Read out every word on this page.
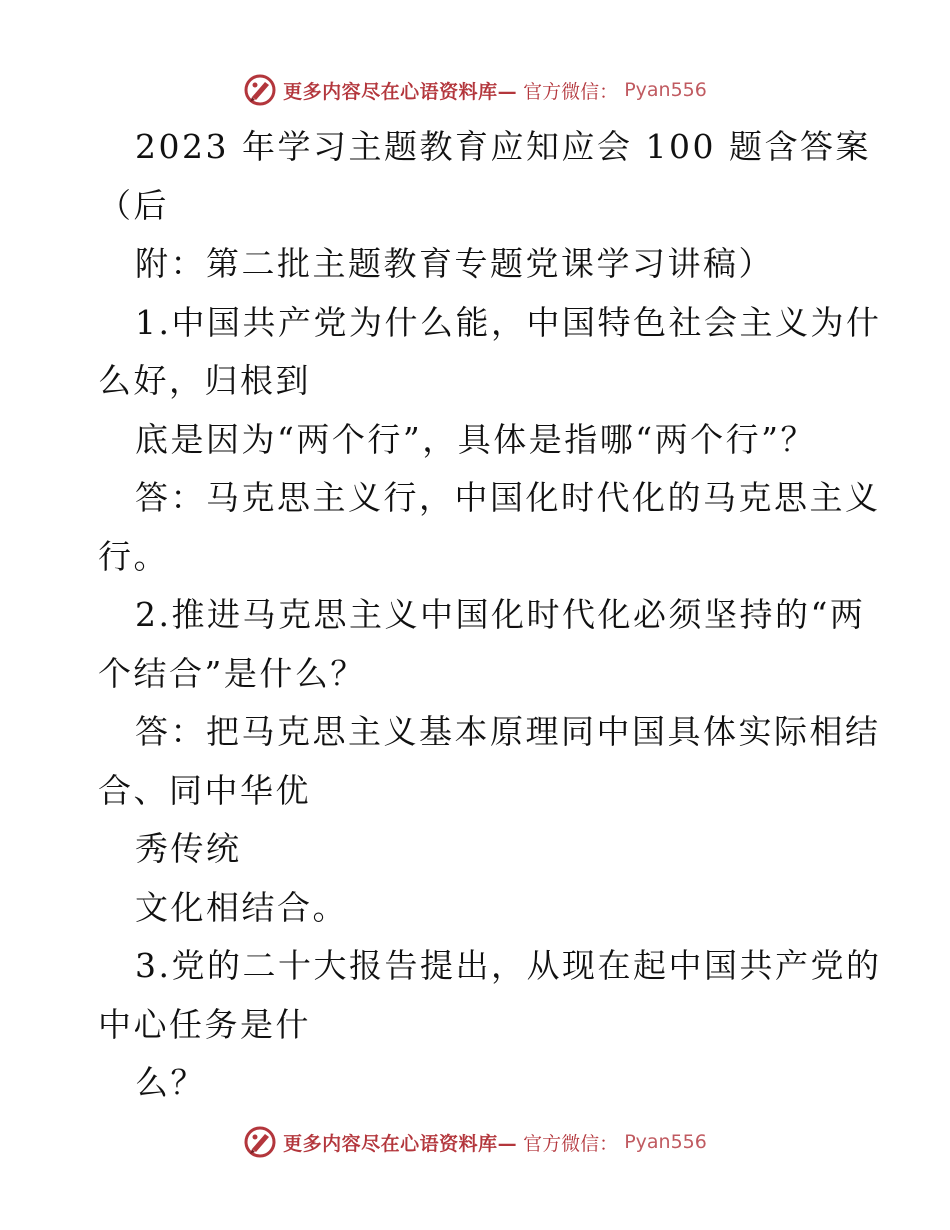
更多内容尽在心语资料库— 官方微信： Pyan556
2023 年学习主题教育应知应会 100 题含答案
（后
附：第二批主题教育专题党课学习讲稿）
1.中国共产党为什么能，中国特色社会主义为什
么好，归根到
底是因为“两个行”，具体是指哪“两个行”？
答：马克思主义行，中国化时代化的马克思主义
行。
2.推进马克思主义中国化时代化必须坚持的“两
个结合”是什么？
答：把马克思主义基本原理同中国具体实际相结
合、同中华优
秀传统
文化相结合。
3.党的二十大报告提出，从现在起中国共产党的
中心任务是什
么？
更多内容尽在心语资料库— 官方微信： Pyan556
